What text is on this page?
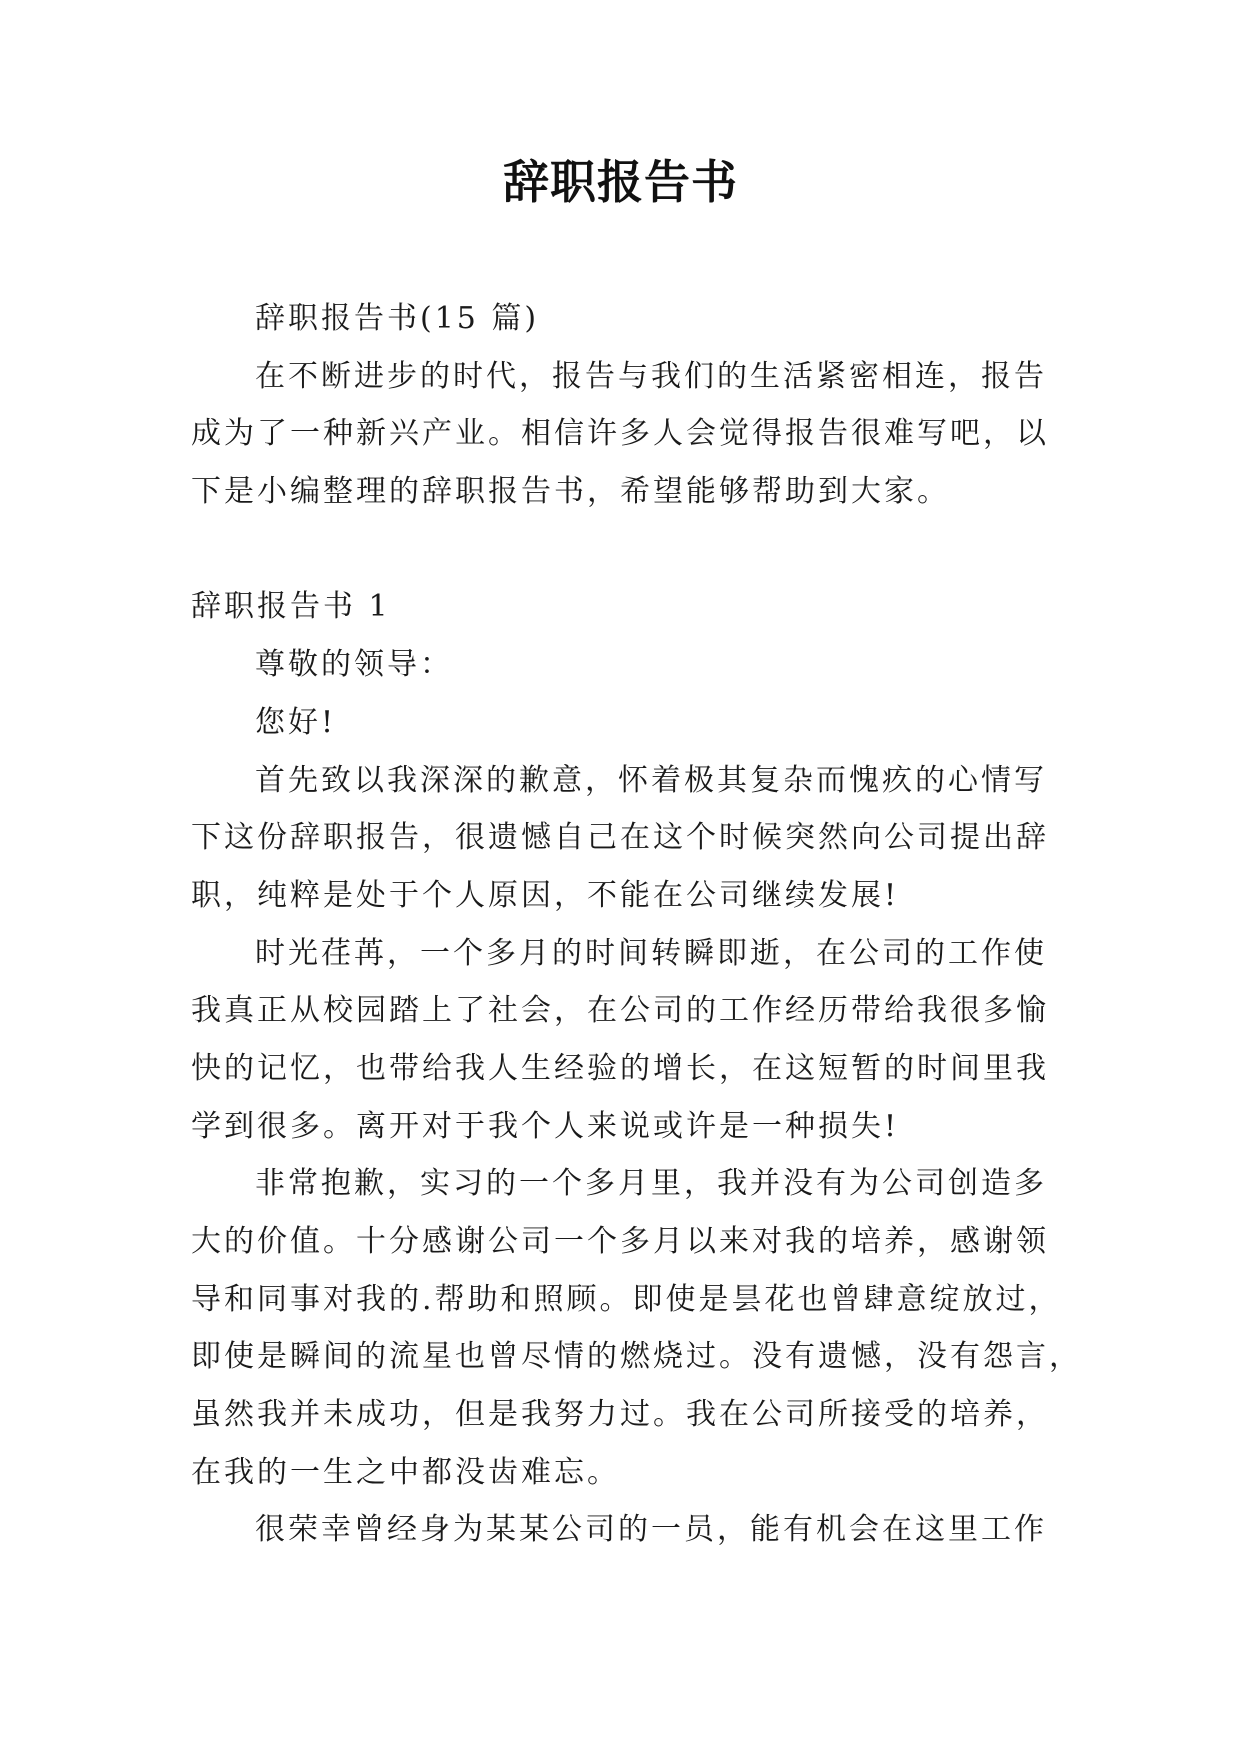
辞职报告书
辞职报告书(15 篇)
在不断进步的时代，报告与我们的生活紧密相连，报告
成为了一种新兴产业。相信许多人会觉得报告很难写吧，以
下是小编整理的辞职报告书，希望能够帮助到大家。
辞职报告书 1
尊敬的领导：
您好!
首先致以我深深的歉意，怀着极其复杂而愧疚的心情写
下这份辞职报告，很遗憾自己在这个时候突然向公司提出辞
职，纯粹是处于个人原因，不能在公司继续发展!
时光荏苒，一个多月的时间转瞬即逝，在公司的工作使
我真正从校园踏上了社会，在公司的工作经历带给我很多愉
快的记忆，也带给我人生经验的增长，在这短暂的时间里我
学到很多。离开对于我个人来说或许是一种损失!
非常抱歉，实习的一个多月里，我并没有为公司创造多
大的价值。十分感谢公司一个多月以来对我的培养，感谢领
导和同事对我的.帮助和照顾。即使是昙花也曾肆意绽放过，
即使是瞬间的流星也曾尽情的燃烧过。没有遗憾，没有怨言，
虽然我并未成功，但是我努力过。我在公司所接受的培养，
在我的一生之中都没齿难忘。
很荣幸曾经身为某某公司的一员，能有机会在这里工作
